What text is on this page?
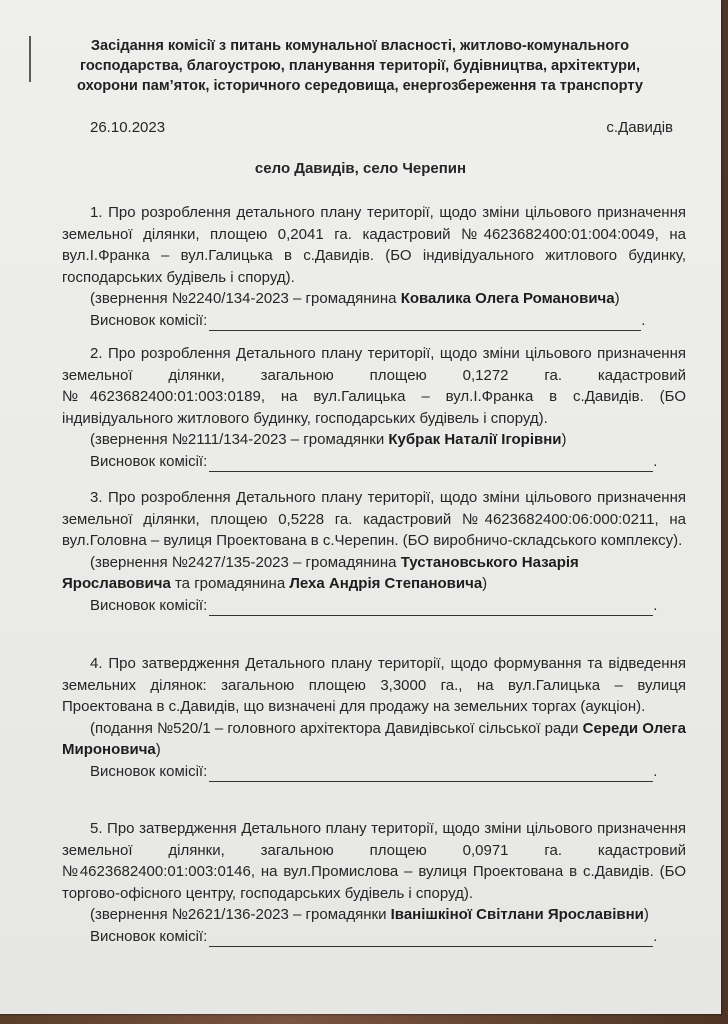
Засідання комісії з питань комунальної власності, житлово-комунального господарства, благоустрою, планування території, будівництва, архітектури, охорони пам’яток, історичного середовища, енергозбереження та транспорту
26.10.2023	с.Давидів
село Давидів, село Черепин

1. Про розроблення детального плану території, щодо зміни цільового призначення земельної ділянки, площею 0,2041 га. кадастровий №4623682400:01:004:0049, на вул.І.Франка – вул.Галицька в с.Давидів. (БО індивідуального житлового будинку, господарських будівель і споруд).

(звернення №2240/134-2023 – громадянина Ковалика Олега Романовича)
Висновок комісії:	.

2. Про розроблення Детального плану території, щодо зміни цільового призначення земельної ділянки, загальною площею 0,1272 га. кадастровий №4623682400:01:003:0189, на вул.Галицька – вул.І.Франка в с.Давидів. (БО індивідуального житлового будинку, господарських будівель і споруд).

(звернення №2111/134-2023 – громадянки Кубрак Наталії Ігорівни)
Висновок комісії:	.

3. Про розроблення Детального плану території, щодо зміни цільового призначення земельної ділянки, площею 0,5228 га. кадастровий №4623682400:06:000:0211, на вул.Головна – вулиця Проектована в с.Черепин. (БО виробничо-складського комплексу).

(звернення №2427/135-2023 – громадянина Тустановського Назарія Ярославовича та громадянина Леха Андрія Степановича)
Висновок комісії:	.

4. Про затвердження Детального плану території, щодо формування та відведення земельних ділянок: загальною площею 3,3000 га., на вул.Галицька – вулиця Проектована в с.Давидів, що визначені для продажу на земельних торгах (аукціон).

(подання №520/1 – головного архітектора Давидівської сільської ради Середи Олега Мироновича)
Висновок комісії:	.

5. Про затвердження Детального плану території, щодо зміни цільового призначення земельної ділянки, загальною площею 0,0971 га. кадастровий №4623682400:01:003:0146, на вул.Промислова – вулиця Проектована в с.Давидів. (БО торгово-офісного центру, господарських будівель і споруд).

(звернення №2621/136-2023 – громадянки Іванішкіної Світлани Ярославівни)
Висновок комісії:	.
